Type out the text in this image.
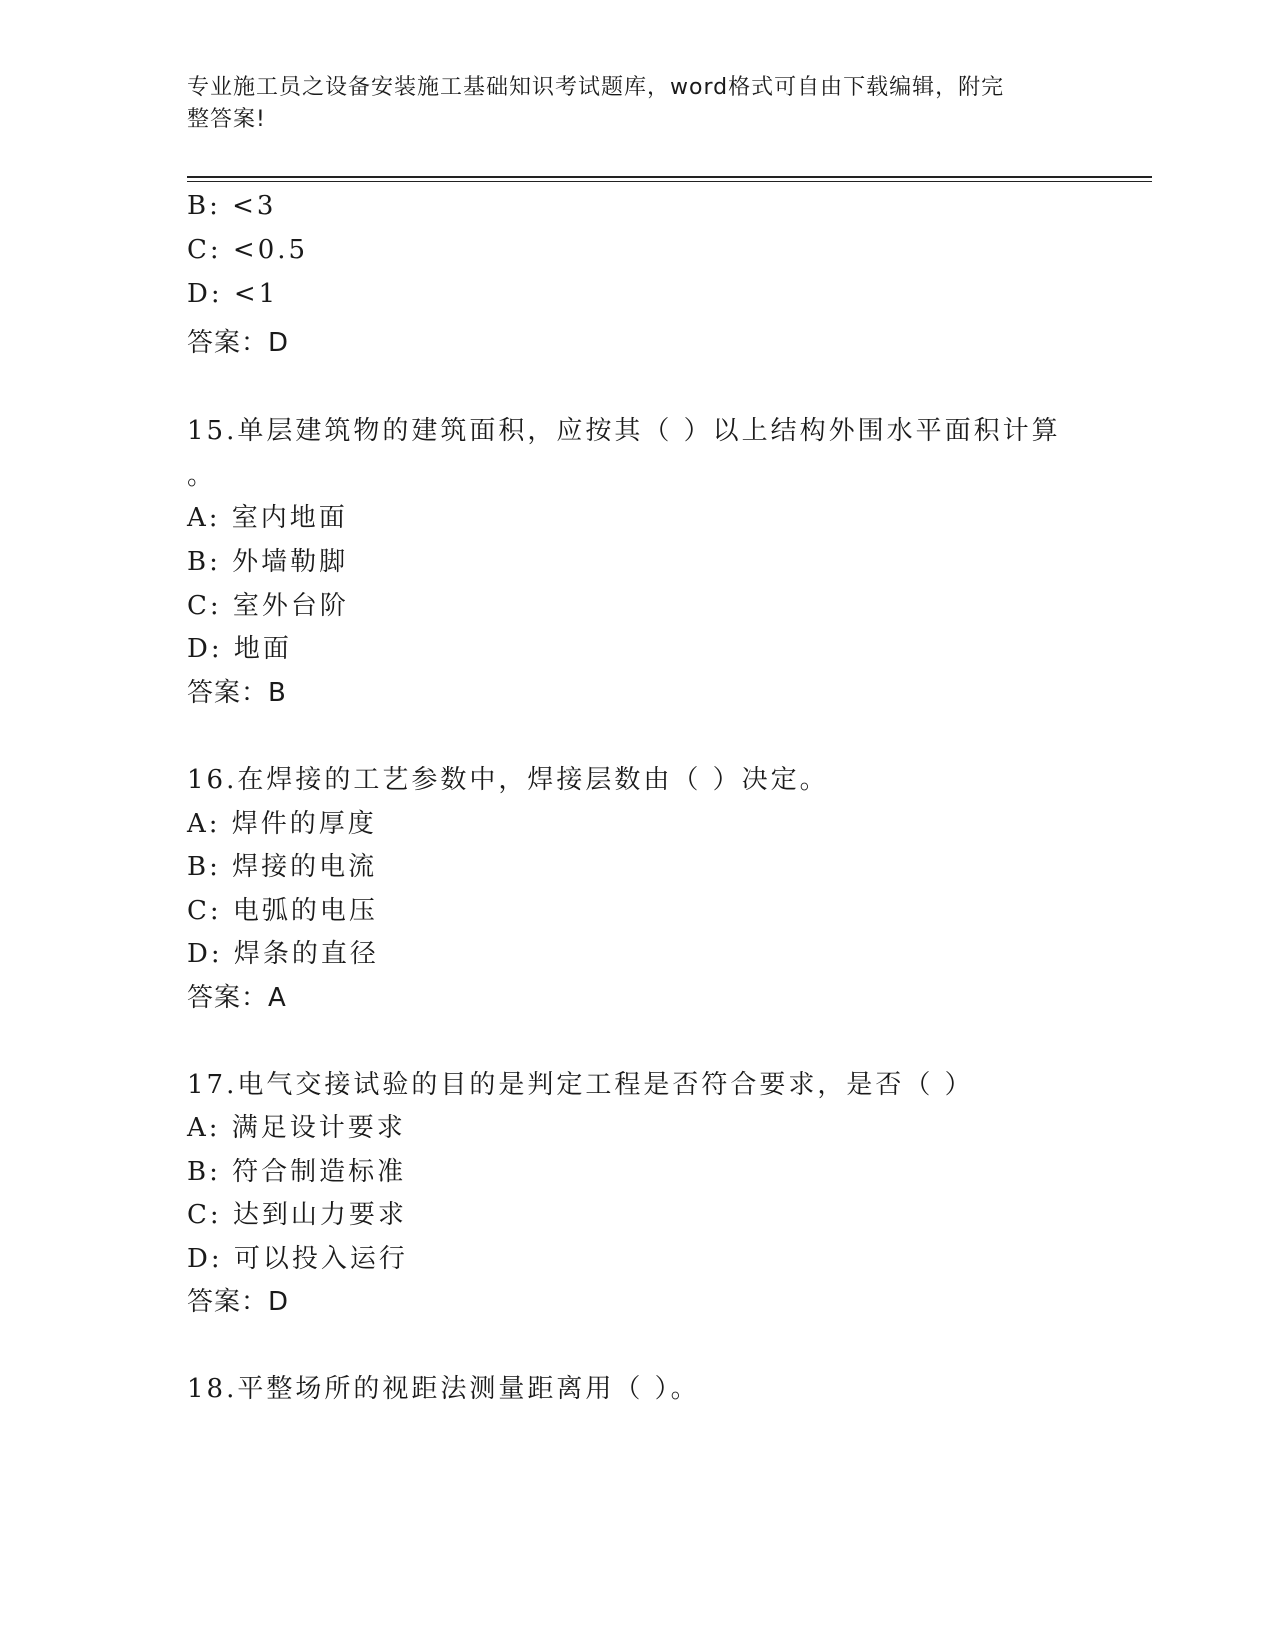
专业施工员之设备安装施工基础知识考试题库，word格式可自由下载编辑，附完
整答案!
B: <3
C: <0.5
D: <1
答案：D
15.单层建筑物的建筑面积，应按其（ ）以上结构外围水平面积计算
。
A: 室内地面
B: 外墙勒脚
C: 室外台阶
D: 地面
答案：B
16.在焊接的工艺参数中，焊接层数由（ ）决定。
A: 焊件的厚度
B: 焊接的电流
C: 电弧的电压
D: 焊条的直径
答案：A
17.电气交接试验的目的是判定工程是否符合要求，是否（ ）
A: 满足设计要求
B: 符合制造标准
C: 达到山力要求
D: 可以投入运行
答案：D
18.平整场所的视距法测量距离用（ ）。
